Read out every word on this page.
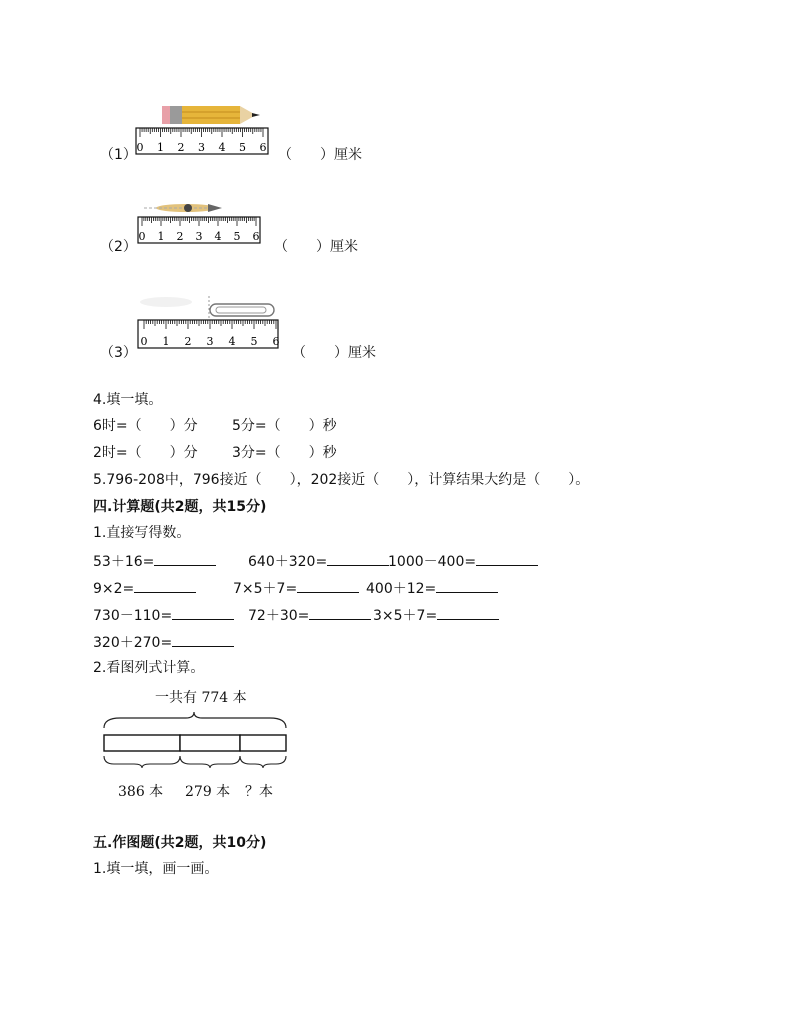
0 1 2 3 4 5 6
（1）	（　　）厘米
0 1 2 3 4 5 6
（2）	（　　）厘米
0 1 2 3 4 5 6
（3）	（　　）厘米
4.填一填。
6时=（　　）分 5分=（　　）秒
2时=（　　）分 3分=（　　）秒
5.796-208中，796接近（　　），202接近（　　），计算结果大约是（　　）。
四.计算题(共2题，共15分)
1.直接写得数。
53＋16=	640＋320=	1000－400=
9×2=	7×5＋7=	400＋12=
730－110=	72＋30=	3×5＋7=
320＋270=
2.看图列式计算。
一共有 774 本
386 本 279 本 ？本
五.作图题(共2题，共10分)
1.填一填，画一画。
